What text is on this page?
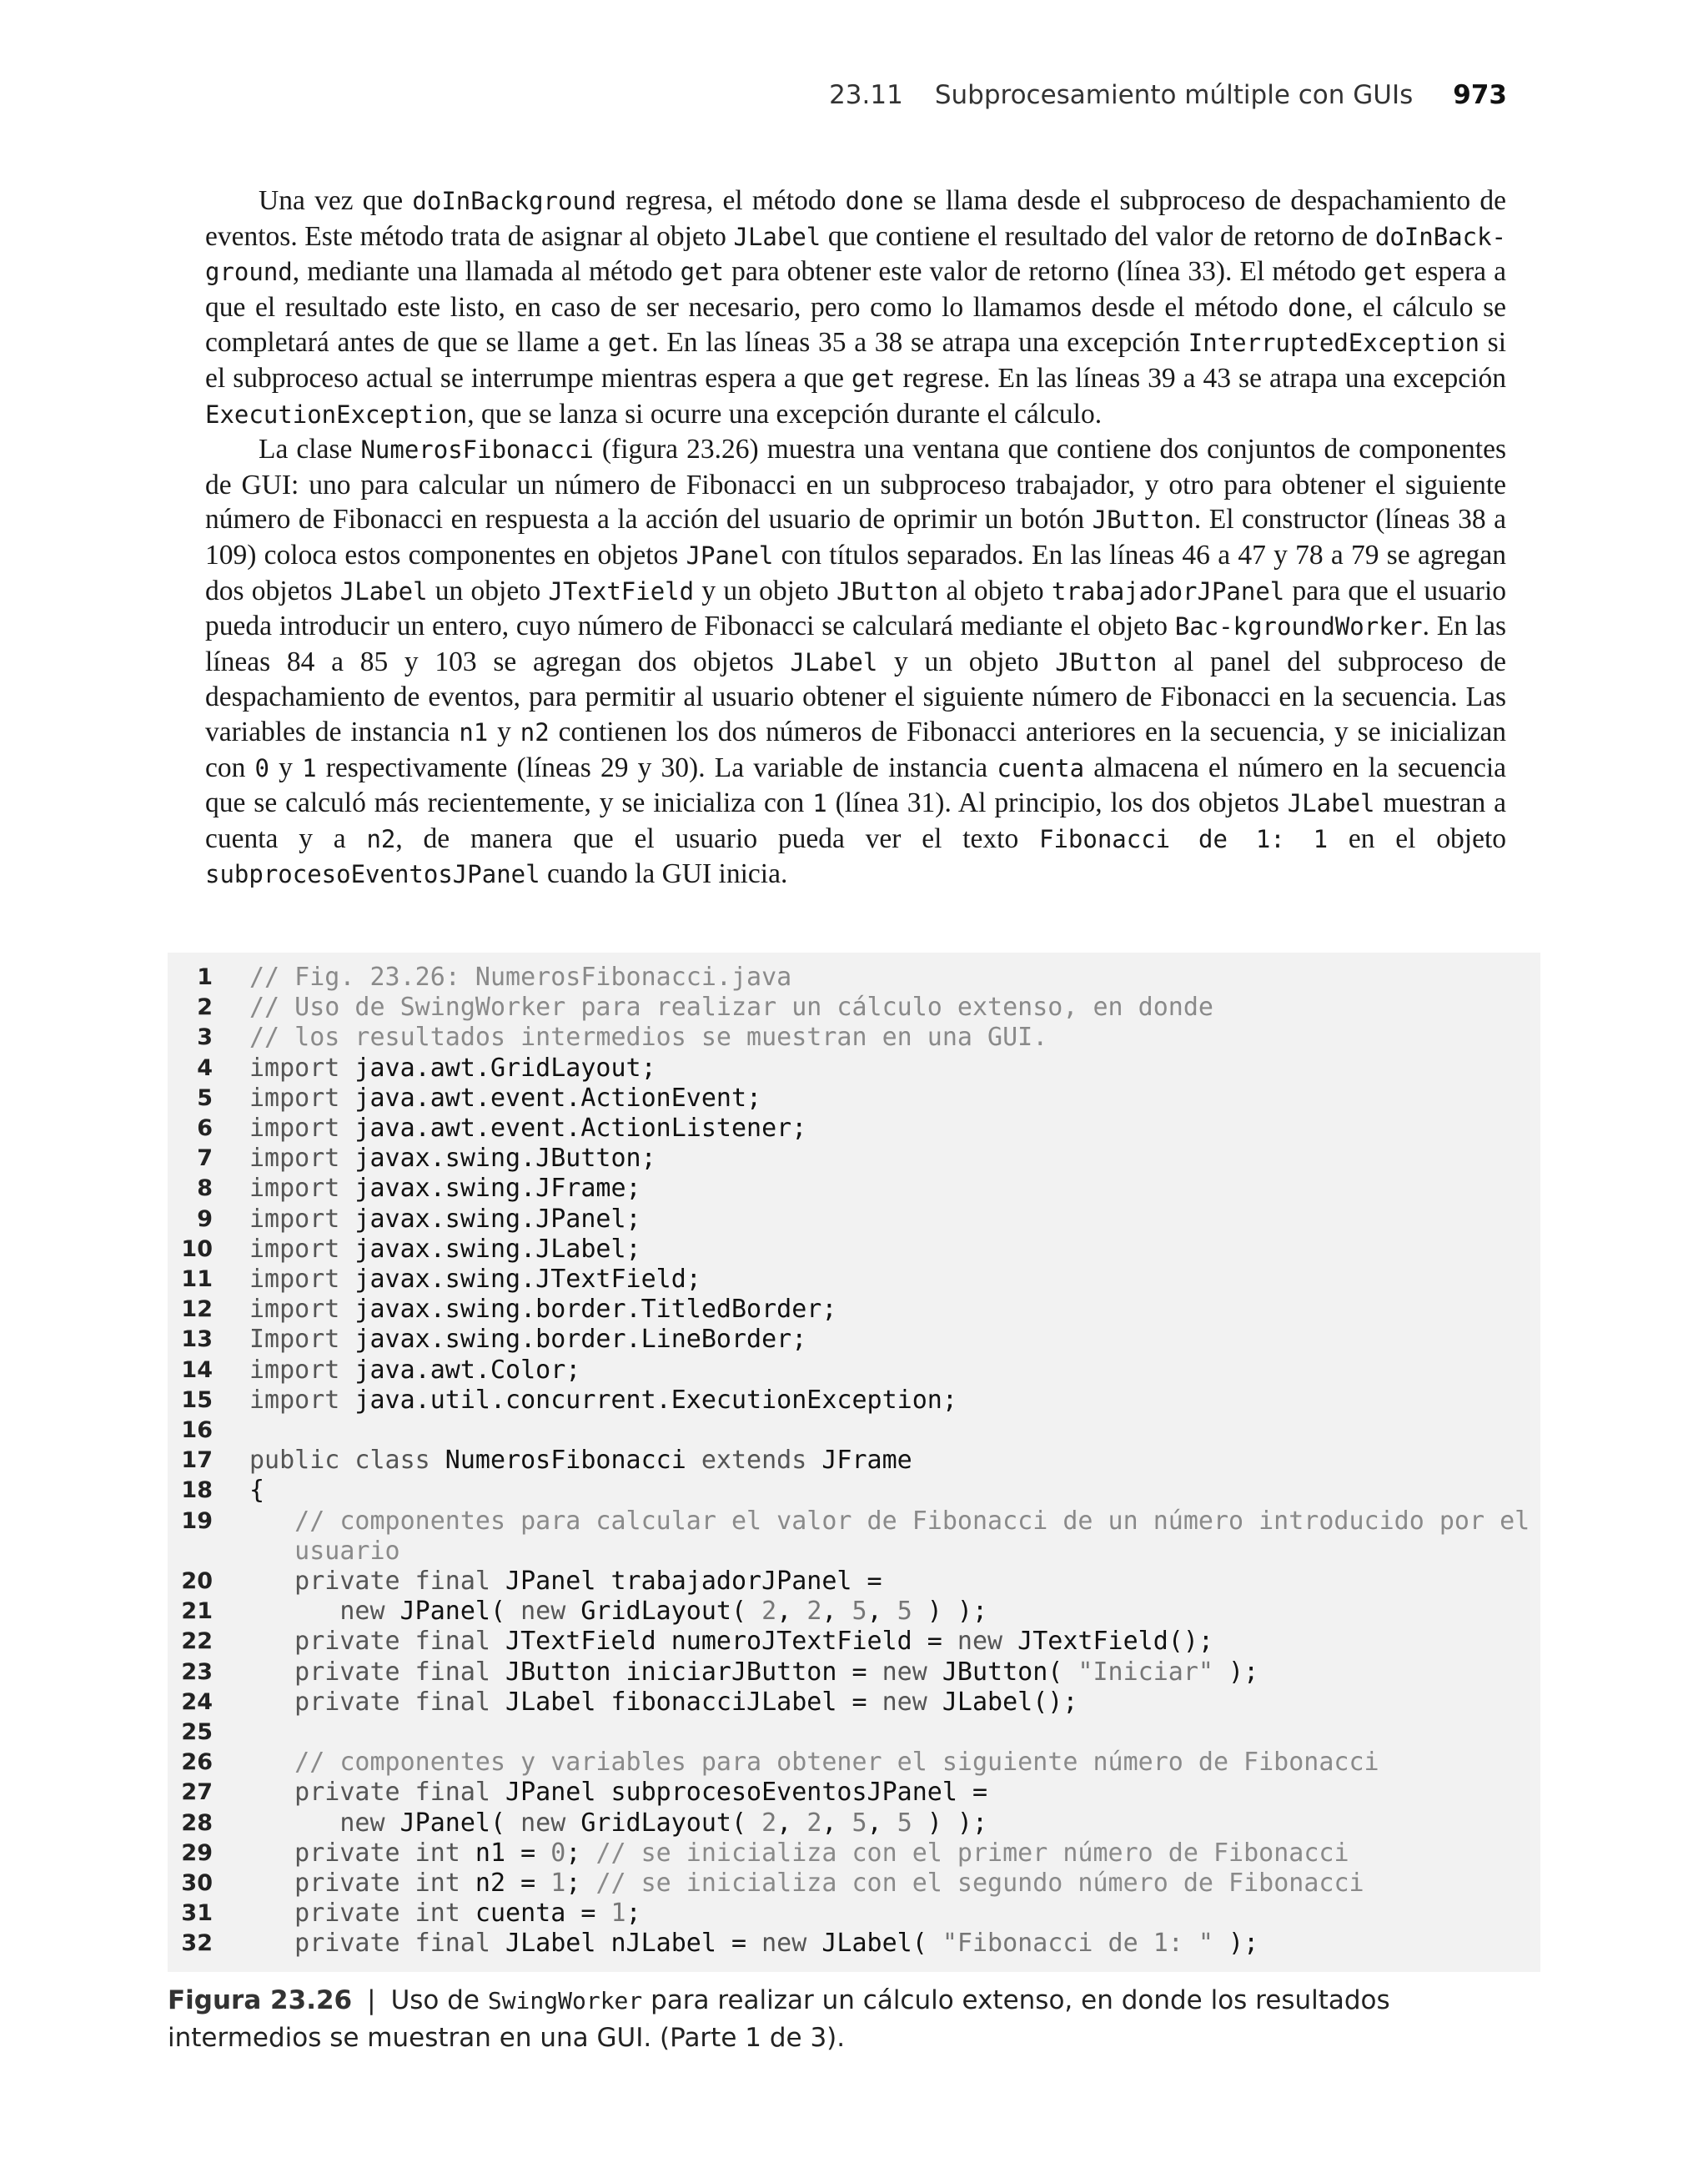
23.11 Subprocesamiento múltiple con GUIs 973

Una vez que doInBackground regresa, el método done se llama desde el subproceso de despachamiento de eventos. Este método trata de asignar al objeto JLabel que contiene el resultado del valor de retorno de doInBack-ground, mediante una llamada al método get para obtener este valor de retorno (línea 33). El método get espera a que el resultado este listo, en caso de ser necesario, pero como lo llamamos desde el método done, el cálculo se completará antes de que se llame a get. En las líneas 35 a 38 se atrapa una excepción InterruptedException si el subproceso actual se interrumpe mientras espera a que get regrese. En las líneas 39 a 43 se atrapa una excepción ExecutionException, que se lanza si ocurre una excepción durante el cálculo.

La clase NumerosFibonacci (figura 23.26) muestra una ventana que contiene dos conjuntos de componentes de GUI: uno para calcular un número de Fibonacci en un subproceso trabajador, y otro para obtener el siguiente número de Fibonacci en respuesta a la acción del usuario de oprimir un botón JButton. El constructor (líneas 38 a 109) coloca estos componentes en objetos JPanel con títulos separados. En las líneas 46 a 47 y 78 a 79 se agregan dos objetos JLabel un objeto JTextField y un objeto JButton al objeto trabajadorJPanel para que el usuario pueda introducir un entero, cuyo número de Fibonacci se calculará mediante el objeto Bac-kgroundWorker. En las líneas 84 a 85 y 103 se agregan dos objetos JLabel y un objeto JButton al panel del subproceso de despachamiento de eventos, para permitir al usuario obtener el siguiente número de Fibonacci en la secuencia. Las variables de instancia n1 y n2 contienen los dos números de Fibonacci anteriores en la secuencia, y se inicializan con 0 y 1 respectivamente (líneas 29 y 30). La variable de instancia cuenta almacena el número en la secuencia que se calculó más recientemente, y se inicializa con 1 (línea 31). Al principio, los dos objetos JLabel muestran a cuenta y a n2, de manera que el usuario pueda ver el texto Fibonacci de 1: 1 en el objeto subprocesoEventosJPanel cuando la GUI inicia.

1 // Fig. 23.26: NumerosFibonacci.java
2 // Uso de SwingWorker para realizar un cálculo extenso, en donde
3 // los resultados intermedios se muestran en una GUI.
4 import java.awt.GridLayout;
5 import java.awt.event.ActionEvent;
6 import java.awt.event.ActionListener;
7 import javax.swing.JButton;
8 import javax.swing.JFrame;
9 import javax.swing.JPanel;
10 import javax.swing.JLabel;
11 import javax.swing.JTextField;
12 import javax.swing.border.TitledBorder;
13 Import javax.swing.border.LineBorder;
14 import java.awt.Color;
15 import java.util.concurrent.ExecutionException;
16
17 public class NumerosFibonacci extends JFrame
18 {
19 // componentes para calcular el valor de Fibonacci de un número introducido por el
usuario
20 private final JPanel trabajadorJPanel =
21 new JPanel( new GridLayout( 2, 2, 5, 5 ) );
22 private final JTextField numeroJTextField = new JTextField();
23 private final JButton iniciarJButton = new JButton( "Iniciar" );
24 private final JLabel fibonacciJLabel = new JLabel();
25
26 // componentes y variables para obtener el siguiente número de Fibonacci
27 private final JPanel subprocesoEventosJPanel =
28 new JPanel( new GridLayout( 2, 2, 5, 5 ) );
29 private int n1 = 0; // se inicializa con el primer número de Fibonacci
30 private int n2 = 1; // se inicializa con el segundo número de Fibonacci
31 private int cuenta = 1;
32 private final JLabel nJLabel = new JLabel( "Fibonacci de 1: " );
Figura 23.26 | Uso de SwingWorker para realizar un cálculo extenso, en donde los resultados intermedios se muestran en una GUI. (Parte 1 de 3).
